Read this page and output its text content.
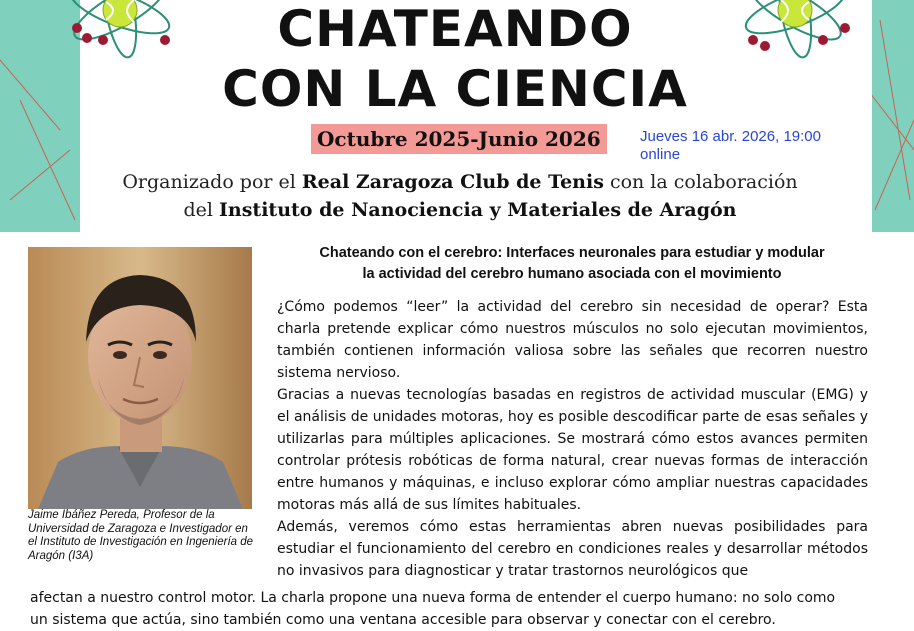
CHATEANDO
CON LA CIENCIA
Octubre 2025-Junio 2026	Jueves 16 abr. 2026, 19:00
online
Organizado por el Real Zaragoza Club de Tenis con la colaboración
del Instituto de Nanociencia y Materiales de Aragón
Jaime Ibáñez Pereda, Profesor de la Universidad de Zaragoza e Investigador en el Instituto de Investigación en Ingeniería de Aragón (I3A)
Chateando con el cerebro: Interfaces neuronales para estudiar y modular
la actividad del cerebro humano asociada con el movimiento

¿Cómo podemos “leer” la actividad del cerebro sin necesidad de operar? Esta charla pretende explicar cómo nuestros músculos no solo ejecutan movimientos, también contienen información valiosa sobre las señales que recorren nuestro sistema nervioso.

Gracias a nuevas tecnologías basadas en registros de actividad muscular (EMG) y el análisis de unidades motoras, hoy es posible descodificar parte de esas señales y utilizarlas para múltiples aplicaciones. Se mostrará cómo estos avances permiten controlar prótesis robóticas de forma natural, crear nuevas formas de interacción entre humanos y máquinas, e incluso explorar cómo ampliar nuestras capacidades motoras más allá de sus límites habituales.

Además, veremos cómo estas herramientas abren nuevas posibilidades para estudiar el funcionamiento del cerebro en condiciones reales y desarrollar métodos no invasivos para diagnosticar y tratar trastornos neurológicos que

afectan a nuestro control motor. La charla propone una nueva forma de entender el cuerpo humano: no solo como
un sistema que actúa, sino también como una ventana accesible para observar y conectar con el cerebro.
